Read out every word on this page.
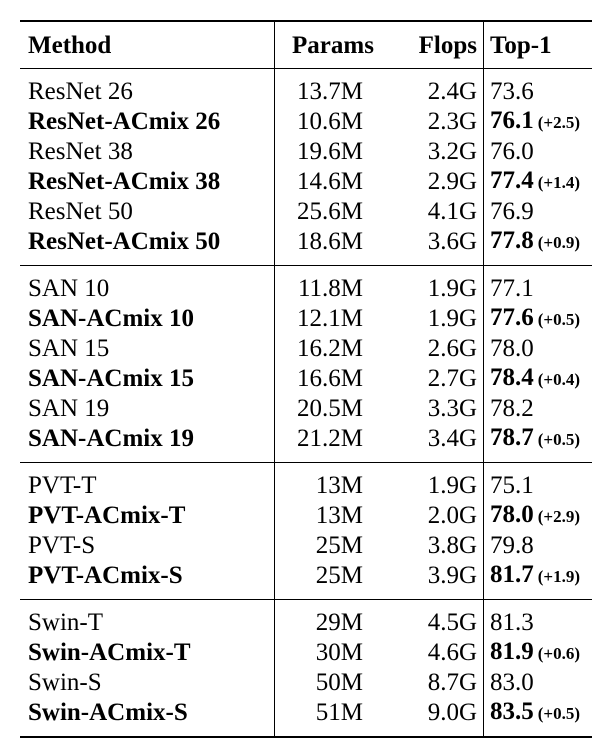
Method	Params	Flops	Top-1
ResNet 26	13.7M	2.4G	73.6
ResNet-ACmix 26	10.6M	2.3G	76.1 (+2.5)
ResNet 38	19.6M	3.2G	76.0
ResNet-ACmix 38	14.6M	2.9G	77.4 (+1.4)
ResNet 50	25.6M	4.1G	76.9
ResNet-ACmix 50	18.6M	3.6G	77.8 (+0.9)
SAN 10	11.8M	1.9G	77.1
SAN-ACmix 10	12.1M	1.9G	77.6 (+0.5)
SAN 15	16.2M	2.6G	78.0
SAN-ACmix 15	16.6M	2.7G	78.4 (+0.4)
SAN 19	20.5M	3.3G	78.2
SAN-ACmix 19	21.2M	3.4G	78.7 (+0.5)
PVT-T	13M	1.9G	75.1
PVT-ACmix-T	13M	2.0G	78.0 (+2.9)
PVT-S	25M	3.8G	79.8
PVT-ACmix-S	25M	3.9G	81.7 (+1.9)
Swin-T	29M	4.5G	81.3
Swin-ACmix-T	30M	4.6G	81.9 (+0.6)
Swin-S	50M	8.7G	83.0
Swin-ACmix-S	51M	9.0G	83.5 (+0.5)
